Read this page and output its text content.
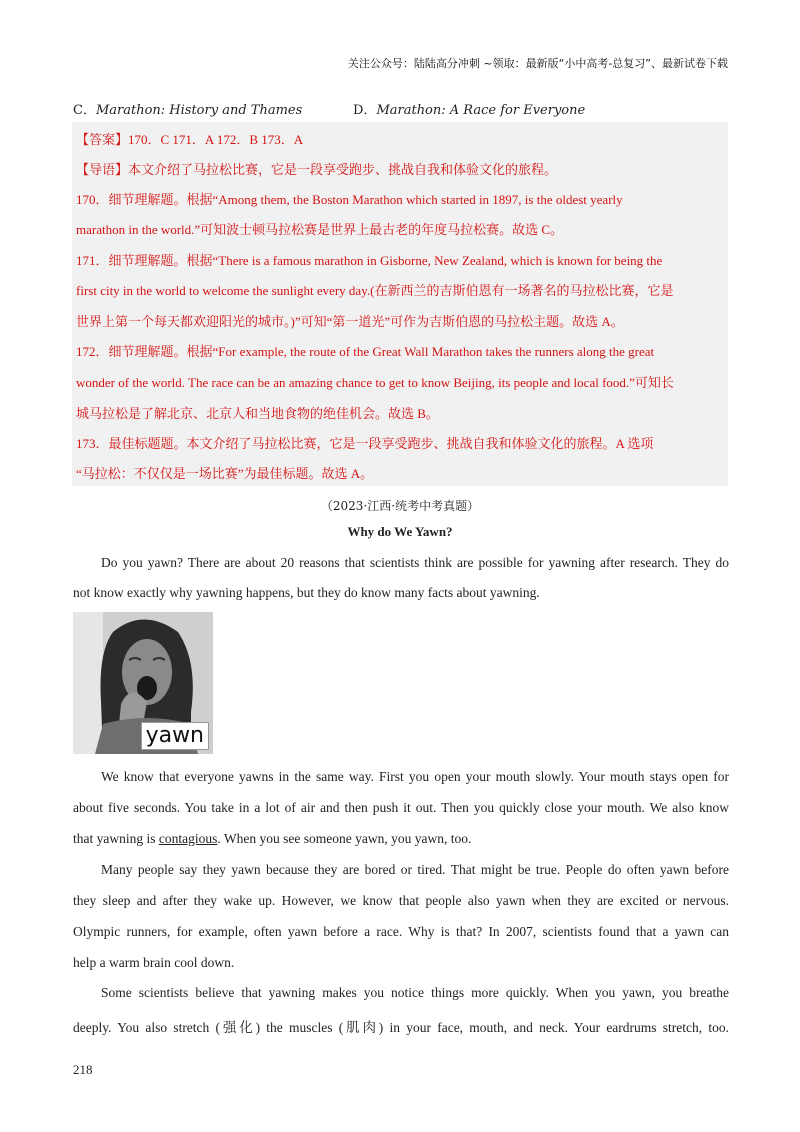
关注公众号：陆陆高分冲刺 ~领取：最新版“小中高考-总复习”、最新试卷下载
C．Marathon: History and Thames	D．Marathon: A Race for Everyone
【答案】170．C 171．A 172．B 173．A
【导语】本文介绍了马拉松比赛，它是一段享受跑步、挑战自我和体验文化的旅程。
170．细节理解题。根据“Among them, the Boston Marathon which started in 1897, is the oldest yearly
marathon in the world.”可知波士顿马拉松赛是世界上最古老的年度马拉松赛。故选 C。
171．细节理解题。根据“There is a famous marathon in Gisborne, New Zealand, which is known for being the
first city in the world to welcome the sunlight every day.(在新西兰的吉斯伯恩有一场著名的马拉松比赛，它是
世界上第一个每天都欢迎阳光的城市。)”可知“第一道光”可作为吉斯伯恩的马拉松主题。故选 A。
172．细节理解题。根据“For example, the route of the Great Wall Marathon takes the runners along the great
wonder of the world. The race can be an amazing chance to get to know Beijing, its people and local food.”可知长
城马拉松是了解北京、北京人和当地食物的绝佳机会。故选 B。
173．最佳标题题。本文介绍了马拉松比赛，它是一段享受跑步、挑战自我和体验文化的旅程。A 选项
“马拉松：不仅仅是一场比赛”为最佳标题。故选 A。
（2023·江西·统考中考真题）
Why do We Yawn?
Do you yawn? There are about 20 reasons that scientists think are possible for yawning after research. They do
not know exactly why yawning happens, but they do know many facts about yawning.
yawn
We know that everyone yawns in the same way. First you open your mouth slowly. Your mouth stays open for
about five seconds. You take in a lot of air and then push it out. Then you quickly close your mouth. We also know
that yawning is contagious. When you see someone yawn, you yawn, too.
Many people say they yawn because they are bored or tired. That might be true. People do often yawn before
they sleep and after they wake up. However, we know that people also yawn when they are excited or nervous.
Olympic runners, for example, often yawn before a race. Why is that? In 2007, scientists found that a yawn can
help a warm brain cool down.
Some scientists believe that yawning makes you notice things more quickly. When you yawn, you breathe
deeply. You also stretch (强化) the muscles (肌肉) in your face, mouth, and neck. Your eardrums stretch, too.
218
